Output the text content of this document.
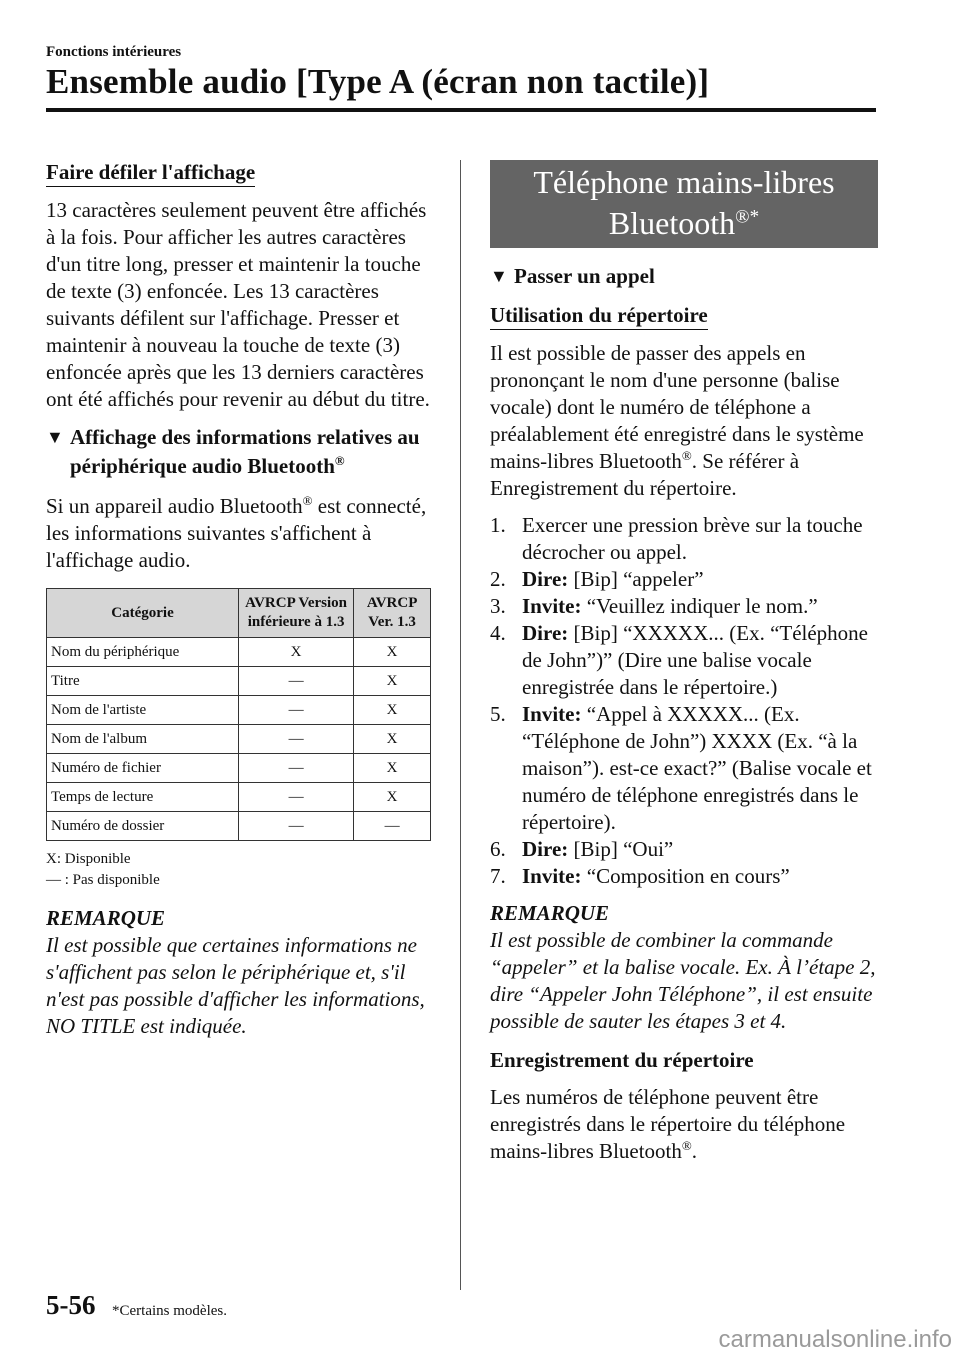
Fonctions intérieures
Ensemble audio [Type A (écran non tactile)]
Faire défiler l'affichage

13 caractères seulement peuvent être affichés à la fois. Pour afficher les autres caractères d'un titre long, presser et maintenir la touche de texte (3) enfoncée. Les 13 caractères suivants défilent sur l'affichage. Presser et maintenir à nouveau la touche de texte (3) enfoncée après que les 13 derniers caractères ont été affichés pour revenir au début du titre.

▼ Affichage des informations relatives au périphérique audio Bluetooth®

Si un appareil audio Bluetooth® est connecté, les informations suivantes s'affichent à l'affichage audio.

Catégorie	AVRCP Version inférieure à 1.3	AVRCP Ver. 1.3
Nom du périphérique	X	X
Titre	—	X
Nom de l'artiste	—	X
Nom de l'album	—	X
Numéro de fichier	—	X
Temps de lecture	—	X
Numéro de dossier	—	—
X: Disponible
— : Pas disponible
REMARQUE

Il est possible que certaines informations ne s'affichent pas selon le périphérique et, s'il n'est pas possible d'afficher les informations, NO TITLE est indiquée.

Téléphone mains-libres
Bluetooth®*
▼ Passer un appel
Utilisation du répertoire

Il est possible de passer des appels en prononçant le nom d'une personne (balise vocale) dont le numéro de téléphone a préalablement été enregistré dans le système mains-libres Bluetooth®. Se référer à Enregistrement du répertoire.

1. Exercer une pression brève sur la touche décrocher ou appel.
2. Dire: [Bip] “appeler”
3. Invite: “Veuillez indiquer le nom.”
4. Dire: [Bip] “XXXXX... (Ex. “Téléphone de John”)” (Dire une balise vocale enregistrée dans le répertoire.)
5. Invite: “Appel à XXXXX... (Ex. “Téléphone de John”) XXXX (Ex. “à la maison”). est-ce exact?” (Balise vocale et numéro de téléphone enregistrés dans le répertoire).
6. Dire: [Bip] “Oui”
7. Invite: “Composition en cours”
REMARQUE

Il est possible de combiner la commande “appeler” et la balise vocale. Ex. À l’étape 2, dire “Appeler John Téléphone”, il est ensuite possible de sauter les étapes 3 et 4.

Enregistrement du répertoire

Les numéros de téléphone peuvent être enregistrés dans le répertoire du téléphone mains-libres Bluetooth®.

5-56 *Certains modèles.
carmanualsonline.info
